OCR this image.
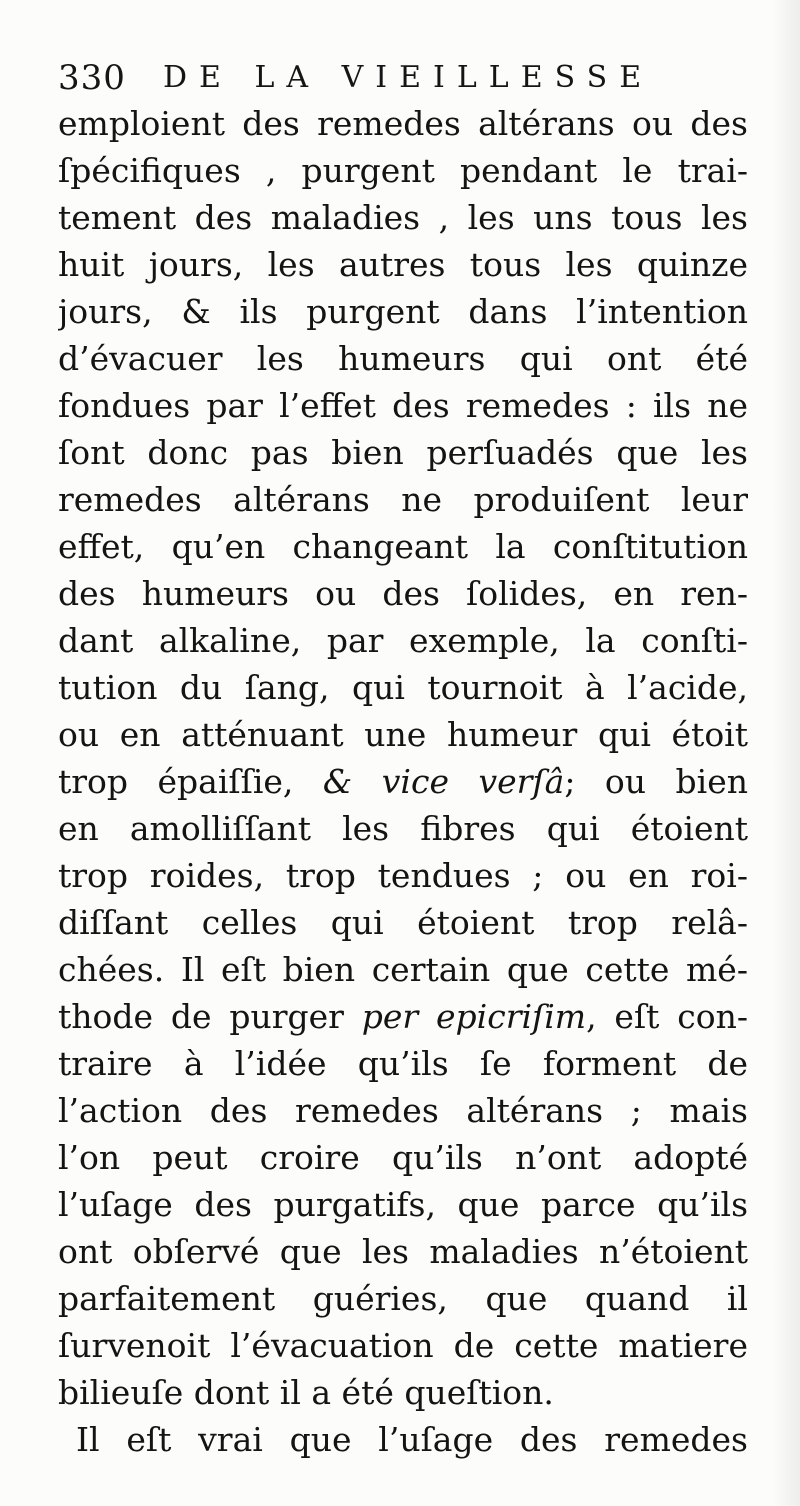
330 DE LA VIEILLESSE
emploient des remedes altérans ou des
ſpécifiques , purgent pendant le trai-
tement des maladies , les uns tous les
huit jours, les autres tous les quinze
jours, & ils purgent dans l’intention
d’évacuer les humeurs qui ont été
fondues par l’effet des remedes : ils ne
ſont donc pas bien perſuadés que les
remedes altérans ne produiſent leur
effet, qu’en changeant la conſtitution
des humeurs ou des ſolides, en ren-
dant alkaline, par exemple, la conſti-
tution du ſang, qui tournoit à l’acide,
ou en atténuant une humeur qui étoit
trop épaiſſie, & vice verſâ; ou bien
en amolliſſant les fibres qui étoient
trop roides, trop tendues ; ou en roi-
diſſant celles qui étoient trop relâ-
chées. Il eſt bien certain que cette mé-
thode de purger per epicriſim, eſt con-
traire à l’idée qu’ils ſe forment de
l’action des remedes altérans ; mais
l’on peut croire qu’ils n’ont adopté
l’uſage des purgatifs, que parce qu’ils
ont obſervé que les maladies n’étoient
parfaitement guéries, que quand il
ſurvenoit l’évacuation de cette matiere
bilieuſe dont il a été queſtion.
Il eſt vrai que l’uſage des remedes
